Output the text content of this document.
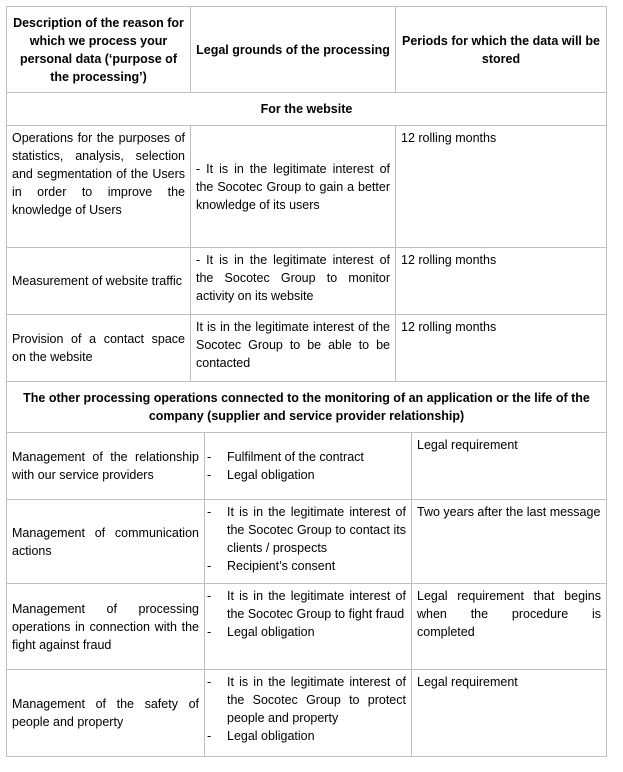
Description of the reason for which we process your personal data (‘purpose of the processing’)
Legal grounds of the processing
Periods for which the data will be stored
For the website
Operations for the purposes of statistics, analysis, selection and segmentation of the Users in order to improve the knowledge of Users
- It is in the legitimate interest of the Socotec Group to gain a better knowledge of its users
12 rolling months
Measurement of website traffic
- It is in the legitimate interest of the Socotec Group to monitor activity on its website
12 rolling months
Provision of a contact space on the website
It is in the legitimate interest of the Socotec Group to be able to be contacted
12 rolling months
The other processing operations connected to the monitoring of an application or the life of the company (supplier and service provider relationship)
Management of the relationship with our service providers
- Fulfilment of the contract
- Legal obligation
Legal requirement
Management of communication actions
- It is in the legitimate interest of the Socotec Group to contact its clients / prospects
- Recipient’s consent
Two years after the last message
Management of processing operations in connection with the fight against fraud
- It is in the legitimate interest of the Socotec Group to fight fraud
- Legal obligation
Legal requirement that begins when the procedure is completed
Management of the safety of people and property
- It is in the legitimate interest of the Socotec Group to protect people and property
- Legal obligation
Legal requirement
